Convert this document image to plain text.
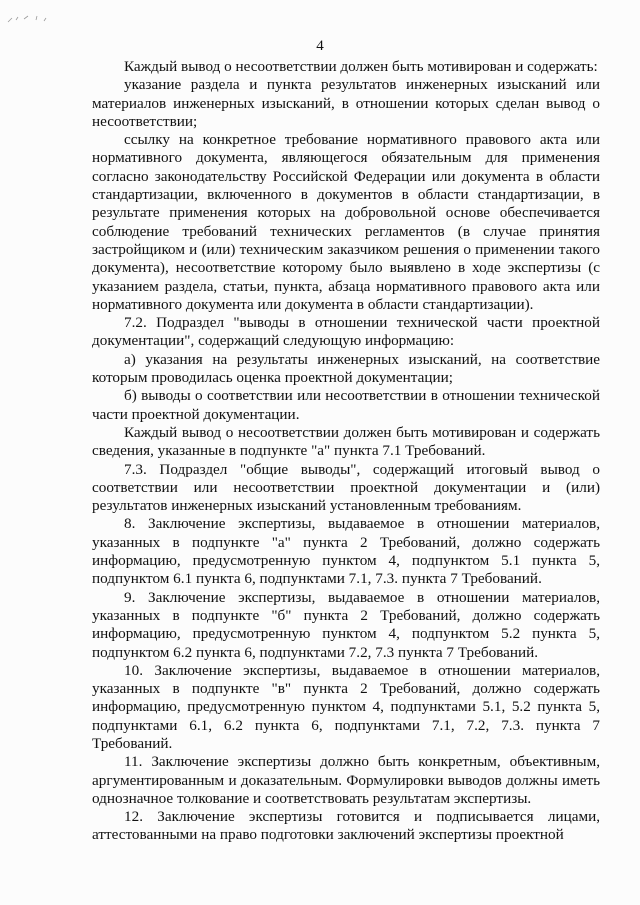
4

Каждый вывод о несоответствии должен быть мотивирован и содержать:

указание раздела и пункта результатов инженерных изысканий или материалов инженерных изысканий, в отношении которых сделан вывод о несоответствии;

ссылку на конкретное требование нормативного правового акта или нормативного документа, являющегося обязательным для применения согласно законодательству Российской Федерации или документа в области стандартизации, включенного в документов в области стандартизации, в результате применения которых на добровольной основе обеспечивается соблюдение требований технических регламентов (в случае принятия застройщиком и (или) техническим заказчиком решения о применении такого документа), несоответствие которому было выявлено в ходе экспертизы (с указанием раздела, статьи, пункта, абзаца нормативного правового акта или нормативного документа или документа в области стандартизации).

7.2. Подраздел "выводы в отношении технической части проектной документации", содержащий следующую информацию:

а) указания на результаты инженерных изысканий, на соответствие которым проводилась оценка проектной документации;

б) выводы о соответствии или несоответствии в отношении технической части проектной документации.

Каждый вывод о несоответствии должен быть мотивирован и содержать сведения, указанные в подпункте "а" пункта 7.1 Требований.

7.3. Подраздел "общие выводы", содержащий итоговый вывод о соответствии или несоответствии проектной документации и (или) результатов инженерных изысканий установленным требованиям.

8. Заключение экспертизы, выдаваемое в отношении материалов, указанных в подпункте "а" пункта 2 Требований, должно содержать информацию, предусмотренную пунктом 4, подпунктом 5.1 пункта 5, подпунктом 6.1 пункта 6, подпунктами 7.1, 7.3. пункта 7 Требований.

9. Заключение экспертизы, выдаваемое в отношении материалов, указанных в подпункте "б" пункта 2 Требований, должно содержать информацию, предусмотренную пунктом 4, подпунктом 5.2 пункта 5, подпунктом 6.2 пункта 6, подпунктами 7.2, 7.3 пункта 7 Требований.

10. Заключение экспертизы, выдаваемое в отношении материалов, указанных в подпункте "в" пункта 2 Требований, должно содержать информацию, предусмотренную пунктом 4, подпунктами 5.1, 5.2 пункта 5, подпунктами 6.1, 6.2 пункта 6, подпунктами 7.1, 7.2, 7.3. пункта 7 Требований.

11. Заключение экспертизы должно быть конкретным, объективным, аргументированным и доказательным. Формулировки выводов должны иметь однозначное толкование и соответствовать результатам экспертизы.

12. Заключение экспертизы готовится и подписывается лицами, аттестованными на право подготовки заключений экспертизы проектной
